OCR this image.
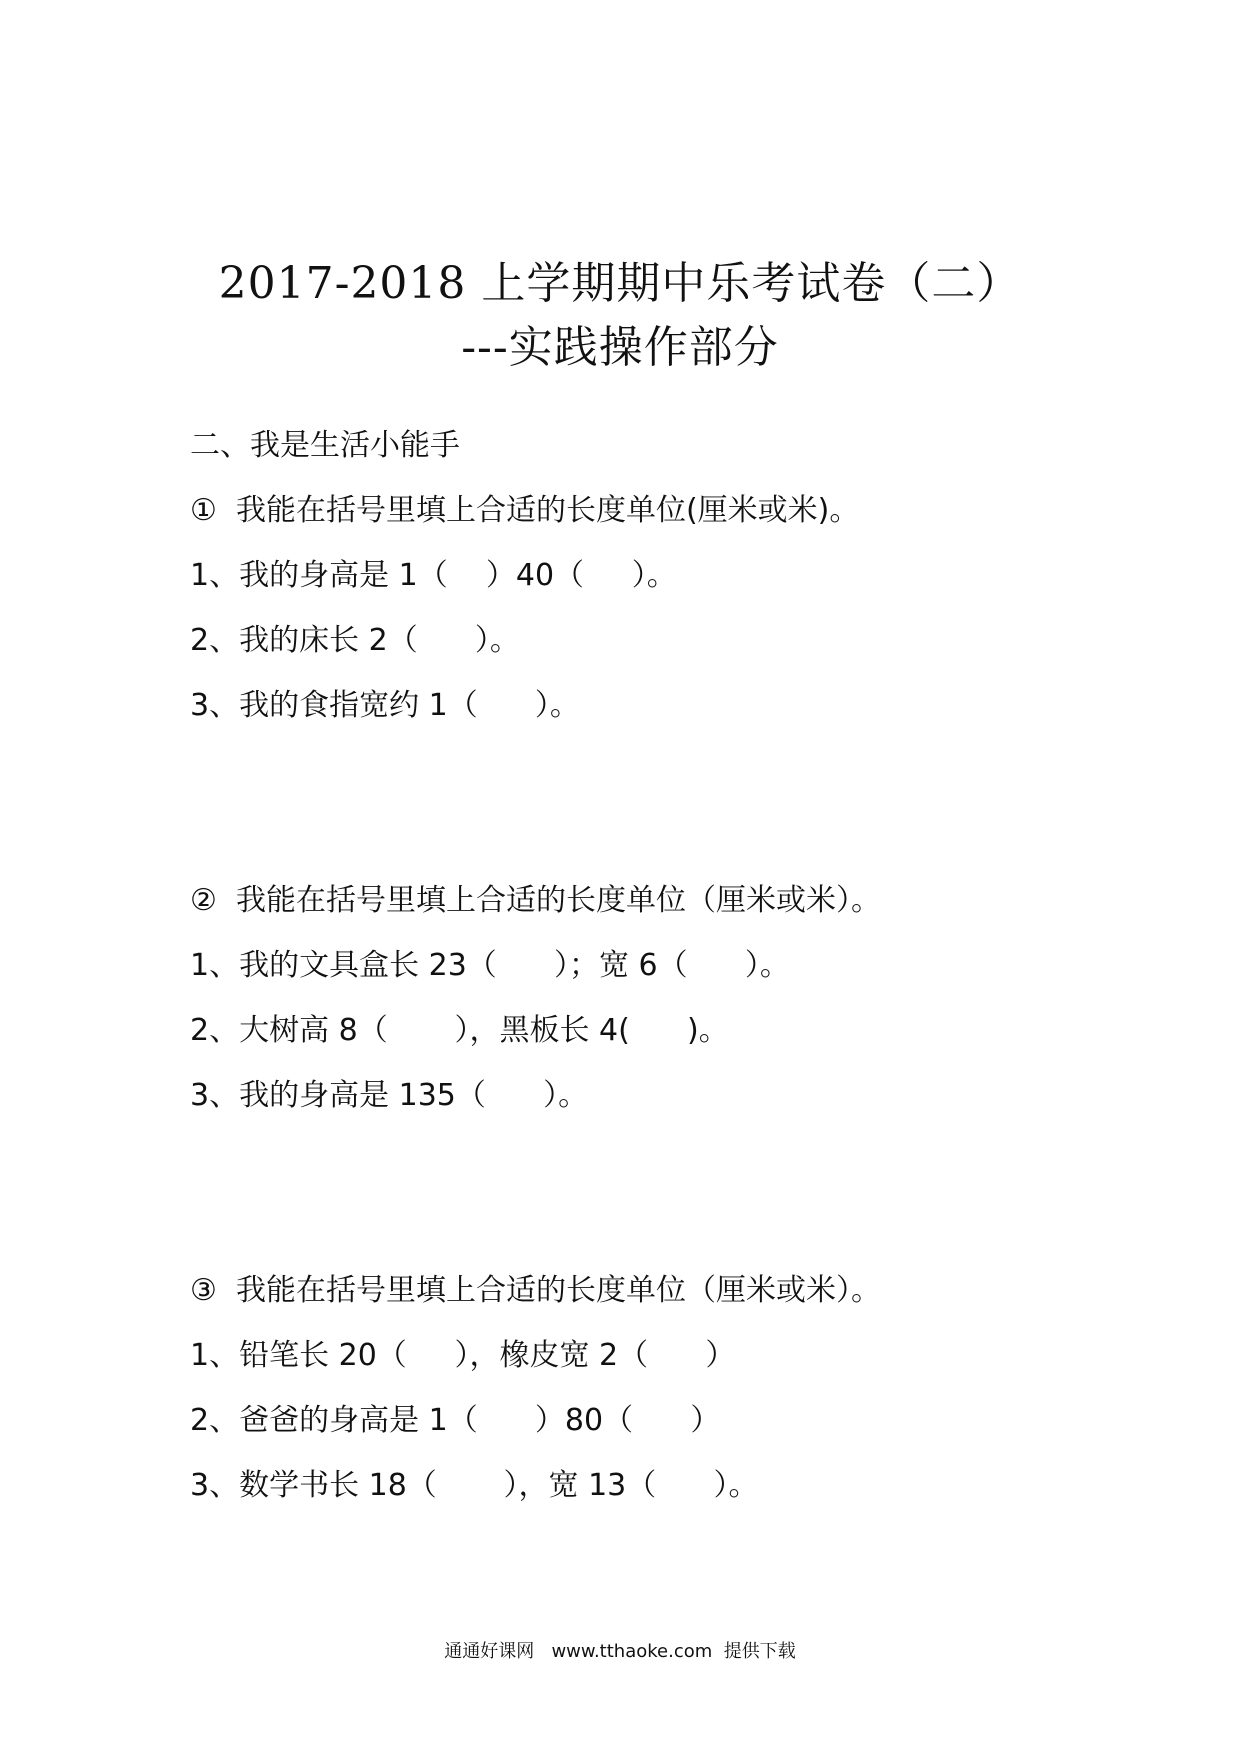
2017-2018 上学期期中乐考试卷（二）
---实践操作部分
二、我是生活小能手
①  我能在括号里填上合适的长度单位(厘米或米)。
1、我的身高是 1（    ）40（     ）。
2、我的床长 2（      ）。
3、我的食指宽约 1（      ）。
②  我能在括号里填上合适的长度单位（厘米或米）。
1、我的文具盒长 23（      ）；宽 6（      ）。
2、大树高 8（       ），黑板长 4(      )。
3、我的身高是 135（      ）。
③  我能在括号里填上合适的长度单位（厘米或米）。
1、铅笔长 20（     ），橡皮宽 2（      ）
2、爸爸的身高是 1（      ）80（      ）
3、数学书长 18（       ），宽 13（      ）。
通通好课网   www.tthaoke.com  提供下载
